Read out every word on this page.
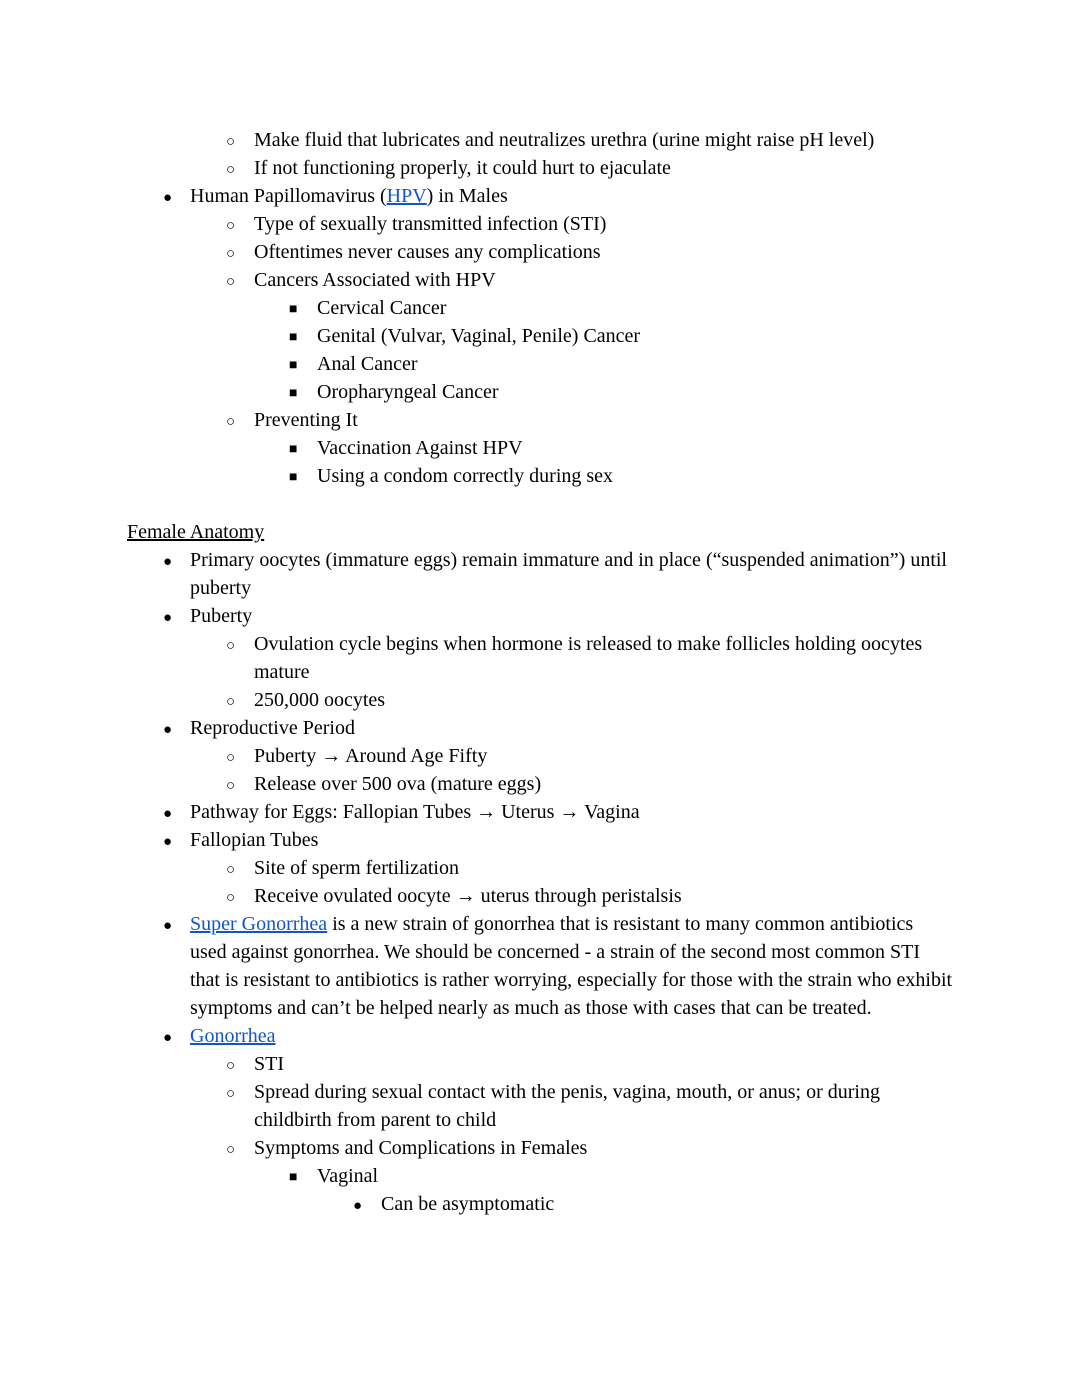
○ Make fluid that lubricates and neutralizes urethra (urine might raise pH level)
○ If not functioning properly, it could hurt to ejaculate
● Human Papillomavirus (HPV) in Males
○ Type of sexually transmitted infection (STI)
○ Oftentimes never causes any complications
○ Cancers Associated with HPV
■ Cervical Cancer
■ Genital (Vulvar, Vaginal, Penile) Cancer
■ Anal Cancer
■ Oropharyngeal Cancer
○ Preventing It
■ Vaccination Against HPV
■ Using a condom correctly during sex
Female Anatomy
● Primary oocytes (immature eggs) remain immature and in place (“suspended animation”) until puberty
● Puberty
○ Ovulation cycle begins when hormone is released to make follicles holding oocytes mature
○ 250,000 oocytes
● Reproductive Period
○ Puberty → Around Age Fifty
○ Release over 500 ova (mature eggs)
● Pathway for Eggs: Fallopian Tubes → Uterus → Vagina
● Fallopian Tubes
○ Site of sperm fertilization
○ Receive ovulated oocyte → uterus through peristalsis
● Super Gonorrhea is a new strain of gonorrhea that is resistant to many common antibiotics used against gonorrhea. We should be concerned - a strain of the second most common STI that is resistant to antibiotics is rather worrying, especially for those with the strain who exhibit symptoms and can’t be helped nearly as much as those with cases that can be treated.
● Gonorrhea
○ STI
○ Spread during sexual contact with the penis, vagina, mouth, or anus; or during childbirth from parent to child
○ Symptoms and Complications in Females
■ Vaginal
● Can be asymptomatic
